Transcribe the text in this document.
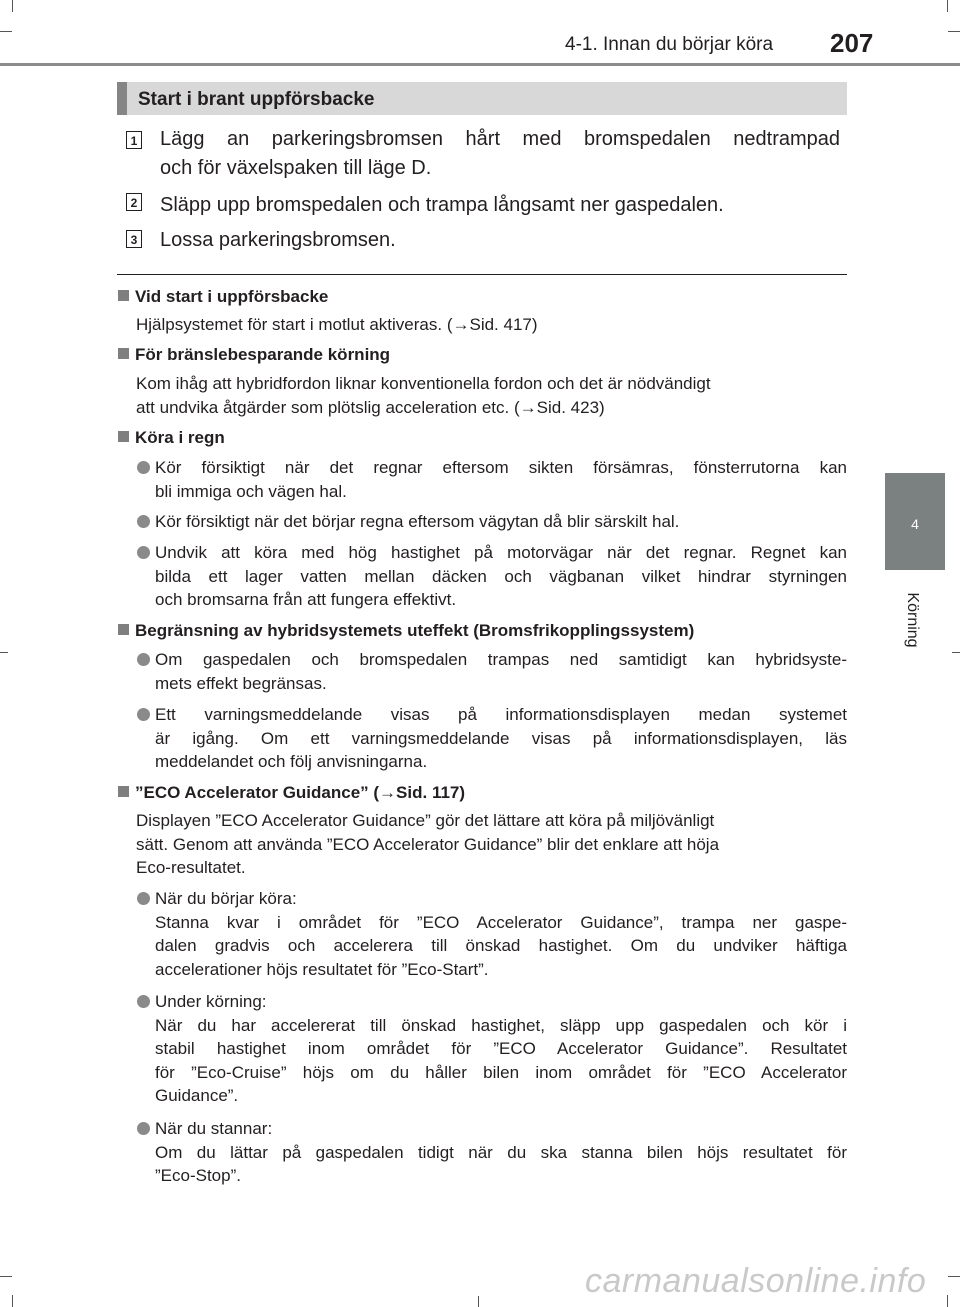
4-1. Innan du börjar köra 207
4
Körning
Start i brant uppförsbacke
1 Lägg an parkeringsbromsen hårt med bromspedalen nedtrampad
och för växelspaken till läge D.
2 Släpp upp bromspedalen och trampa långsamt ner gaspedalen.
3 Lossa parkeringsbromsen.
Vid start i uppförsbacke
Hjälpsystemet för start i motlut aktiveras. (→Sid. 417)
För bränslebesparande körning
Kom ihåg att hybridfordon liknar konventionella fordon och det är nödvändigt
att undvika åtgärder som plötslig acceleration etc. (→Sid. 423)
Köra i regn
Kör försiktigt när det regnar eftersom sikten försämras, fönsterrutorna kan
bli immiga och vägen hal.
Kör försiktigt när det börjar regna eftersom vägytan då blir särskilt hal.
Undvik att köra med hög hastighet på motorvägar när det regnar. Regnet kan
bilda ett lager vatten mellan däcken och vägbanan vilket hindrar styrningen
och bromsarna från att fungera effektivt.
Begränsning av hybridsystemets uteffekt (Bromsfrikopplingssystem)
Om gaspedalen och bromspedalen trampas ned samtidigt kan hybridsyste-
mets effekt begränsas.
Ett varningsmeddelande visas på informationsdisplayen medan systemet
är igång. Om ett varningsmeddelande visas på informationsdisplayen, läs
meddelandet och följ anvisningarna.
”ECO Accelerator Guidance” (→Sid. 117)
Displayen ”ECO Accelerator Guidance” gör det lättare att köra på miljövänligt
sätt. Genom att använda ”ECO Accelerator Guidance” blir det enklare att höja
Eco-resultatet.
När du börjar köra:
Stanna kvar i området för ”ECO Accelerator Guidance”, trampa ner gaspe-
dalen gradvis och accelerera till önskad hastighet. Om du undviker häftiga
accelerationer höjs resultatet för ”Eco-Start”.
Under körning:
När du har accelererat till önskad hastighet, släpp upp gaspedalen och kör i
stabil hastighet inom området för ”ECO Accelerator Guidance”. Resultatet
för ”Eco-Cruise” höjs om du håller bilen inom området för ”ECO Accelerator
Guidance”.
När du stannar:
Om du lättar på gaspedalen tidigt när du ska stanna bilen höjs resultatet för
”Eco-Stop”.
carmanualsonline.info
